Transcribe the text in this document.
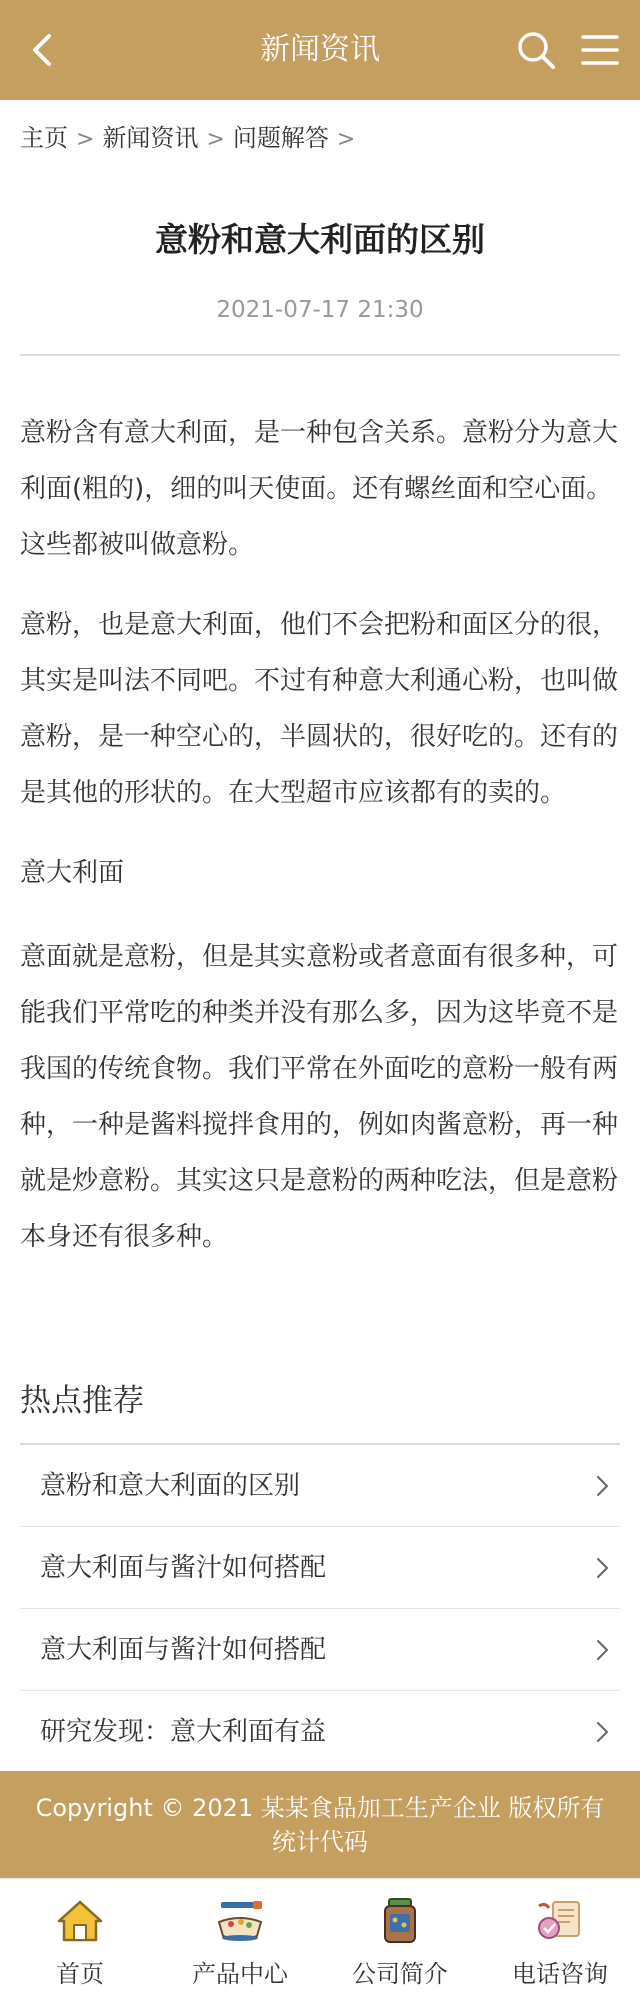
新闻资讯
主页 > 新闻资讯 > 问题解答 >
意粉和意大利面的区别
2021-07-17 21:30

意粉含有意大利面，是一种包含关系。意粉分为意大利面(粗的)，细的叫天使面。还有螺丝面和空心面。这些都被叫做意粉。

意粉，也是意大利面，他们不会把粉和面区分的很，其实是叫法不同吧。不过有种意大利通心粉，也叫做意粉，是一种空心的，半圆状的，很好吃的。还有的是其他的形状的。在大型超市应该都有的卖的。

意大利面

意面就是意粉，但是其实意粉或者意面有很多种，可能我们平常吃的种类并没有那么多，因为这毕竟不是我国的传统食物。我们平常在外面吃的意粉一般有两种，一种是酱料搅拌食用的，例如肉酱意粉，再一种就是炒意粉。其实这只是意粉的两种吃法，但是意粉本身还有很多种。

热点推荐
意粉和意大利面的区别
意大利面与酱汁如何搭配
意大利面与酱汁如何搭配
研究发现：意大利面有益
Copyright © 2021 某某食品加工生产企业 版权所有 统计代码
首页	产品中心	公司简介	电话咨询
